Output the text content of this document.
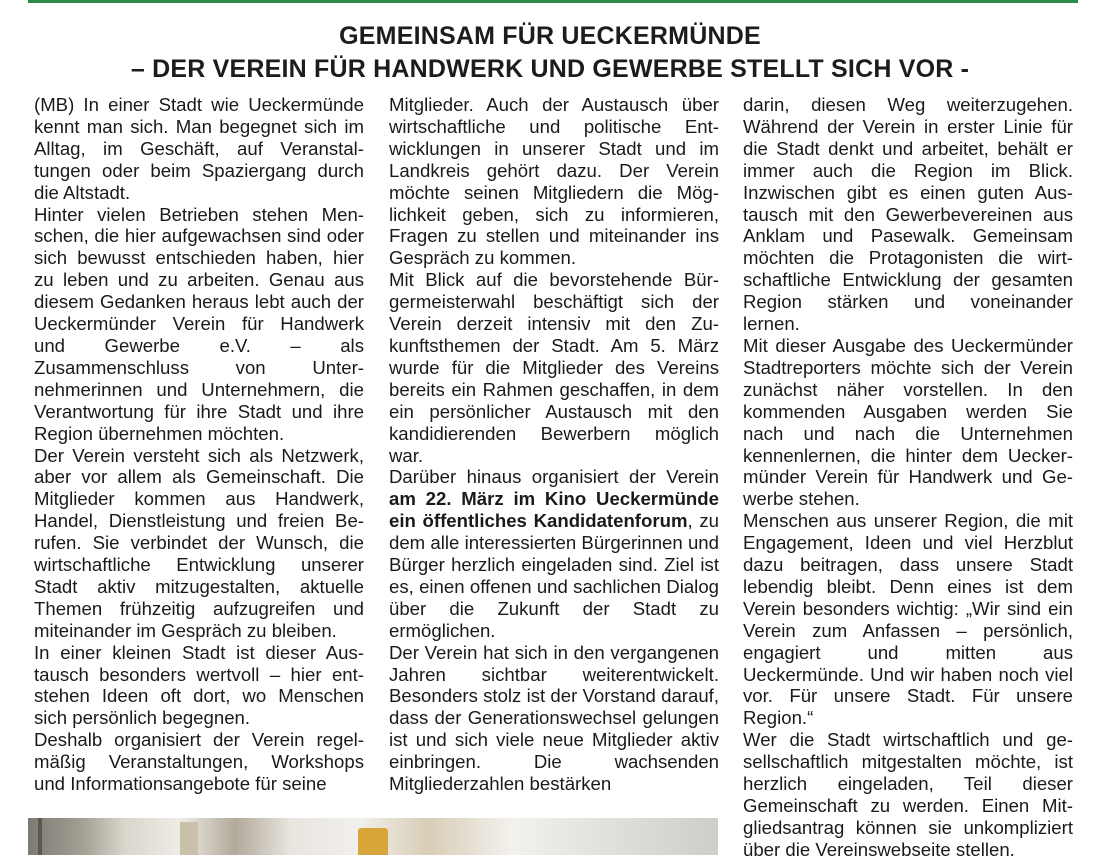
GEMEINSAM FÜR UECKERMÜNDE
– DER VEREIN FÜR HANDWERK UND GEWERBE STELLT SICH VOR -

(MB) In einer Stadt wie Ueckermünde kennt man sich. Man begegnet sich im Alltag, im Geschäft, auf Veranstaltungen oder beim Spaziergang durch die Altstadt.

Hinter vielen Betrieben stehen Menschen, die hier aufgewachsen sind oder sich bewusst entschieden haben, hier zu leben und zu arbeiten. Genau aus diesem Gedanken heraus lebt auch der Ueckermünder Verein für Handwerk und Gewerbe e.V. – als Zusammenschluss von Unternehmerinnen und Unternehmern, die Verantwortung für ihre Stadt und ihre Region übernehmen möchten.

Der Verein versteht sich als Netzwerk, aber vor allem als Gemeinschaft. Die Mitglieder kommen aus Handwerk, Handel, Dienstleistung und freien Berufen. Sie verbindet der Wunsch, die wirtschaftliche Entwicklung unserer Stadt aktiv mitzugestalten, aktuelle Themen frühzeitig aufzugreifen und miteinander im Gespräch zu bleiben.

In einer kleinen Stadt ist dieser Austausch besonders wertvoll – hier entstehen Ideen oft dort, wo Menschen sich persönlich begegnen.

Deshalb organisiert der Verein regelmäßig Veranstaltungen, Workshops und Informationsangebote für seine

Mitglieder. Auch der Austausch über wirtschaftliche und politische Entwicklungen in unserer Stadt und im Landkreis gehört dazu. Der Verein möchte seinen Mitgliedern die Möglichkeit geben, sich zu informieren, Fragen zu stellen und miteinander ins Gespräch zu kommen.

Mit Blick auf die bevorstehende Bürgermeisterwahl beschäftigt sich der Verein derzeit intensiv mit den Zukunftsthemen der Stadt. Am 5. März wurde für die Mitglieder des Vereins bereits ein Rahmen geschaffen, in dem ein persönlicher Austausch mit den kandidierenden Bewerbern möglich war.

Darüber hinaus organisiert der Verein am 22. März im Kino Ueckermünde ein öffentliches Kandidatenforum, zu dem alle interessierten Bürgerinnen und Bürger herzlich eingeladen sind. Ziel ist es, einen offenen und sachlichen Dialog über die Zukunft der Stadt zu ermöglichen.

Der Verein hat sich in den vergangenen Jahren sichtbar weiterentwickelt. Besonders stolz ist der Vorstand darauf, dass der Generationswechsel gelungen ist und sich viele neue Mitglieder aktiv einbringen. Die wachsenden Mitgliederzahlen bestärken

darin, diesen Weg weiterzugehen. Während der Verein in erster Linie für die Stadt denkt und arbeitet, behält er immer auch die Region im Blick. Inzwischen gibt es einen guten Austausch mit den Gewerbevereinen aus Anklam und Pasewalk. Gemeinsam möchten die Protagonisten die wirtschaftliche Entwicklung der gesamten Region stärken und voneinander lernen.

Mit dieser Ausgabe des Ueckermünder Stadtreporters möchte sich der Verein zunächst näher vorstellen. In den kommenden Ausgaben werden Sie nach und nach die Unternehmen kennenlernen, die hinter dem Ueckermünder Verein für Handwerk und Gewerbe stehen.

Menschen aus unserer Region, die mit Engagement, Ideen und viel Herzblut dazu beitragen, dass unsere Stadt lebendig bleibt. Denn eines ist dem Verein besonders wichtig: „Wir sind ein Verein zum Anfassen – persönlich, engagiert und mitten aus Ueckermünde. Und wir haben noch viel vor. Für unsere Stadt. Für unsere Region.“

Wer die Stadt wirtschaftlich und gesellschaftlich mitgestalten möchte, ist herzlich eingeladen, Teil dieser Gemeinschaft zu werden. Einen Mitgliedsantrag können sie unkompliziert über die Vereinswebseite stellen.
